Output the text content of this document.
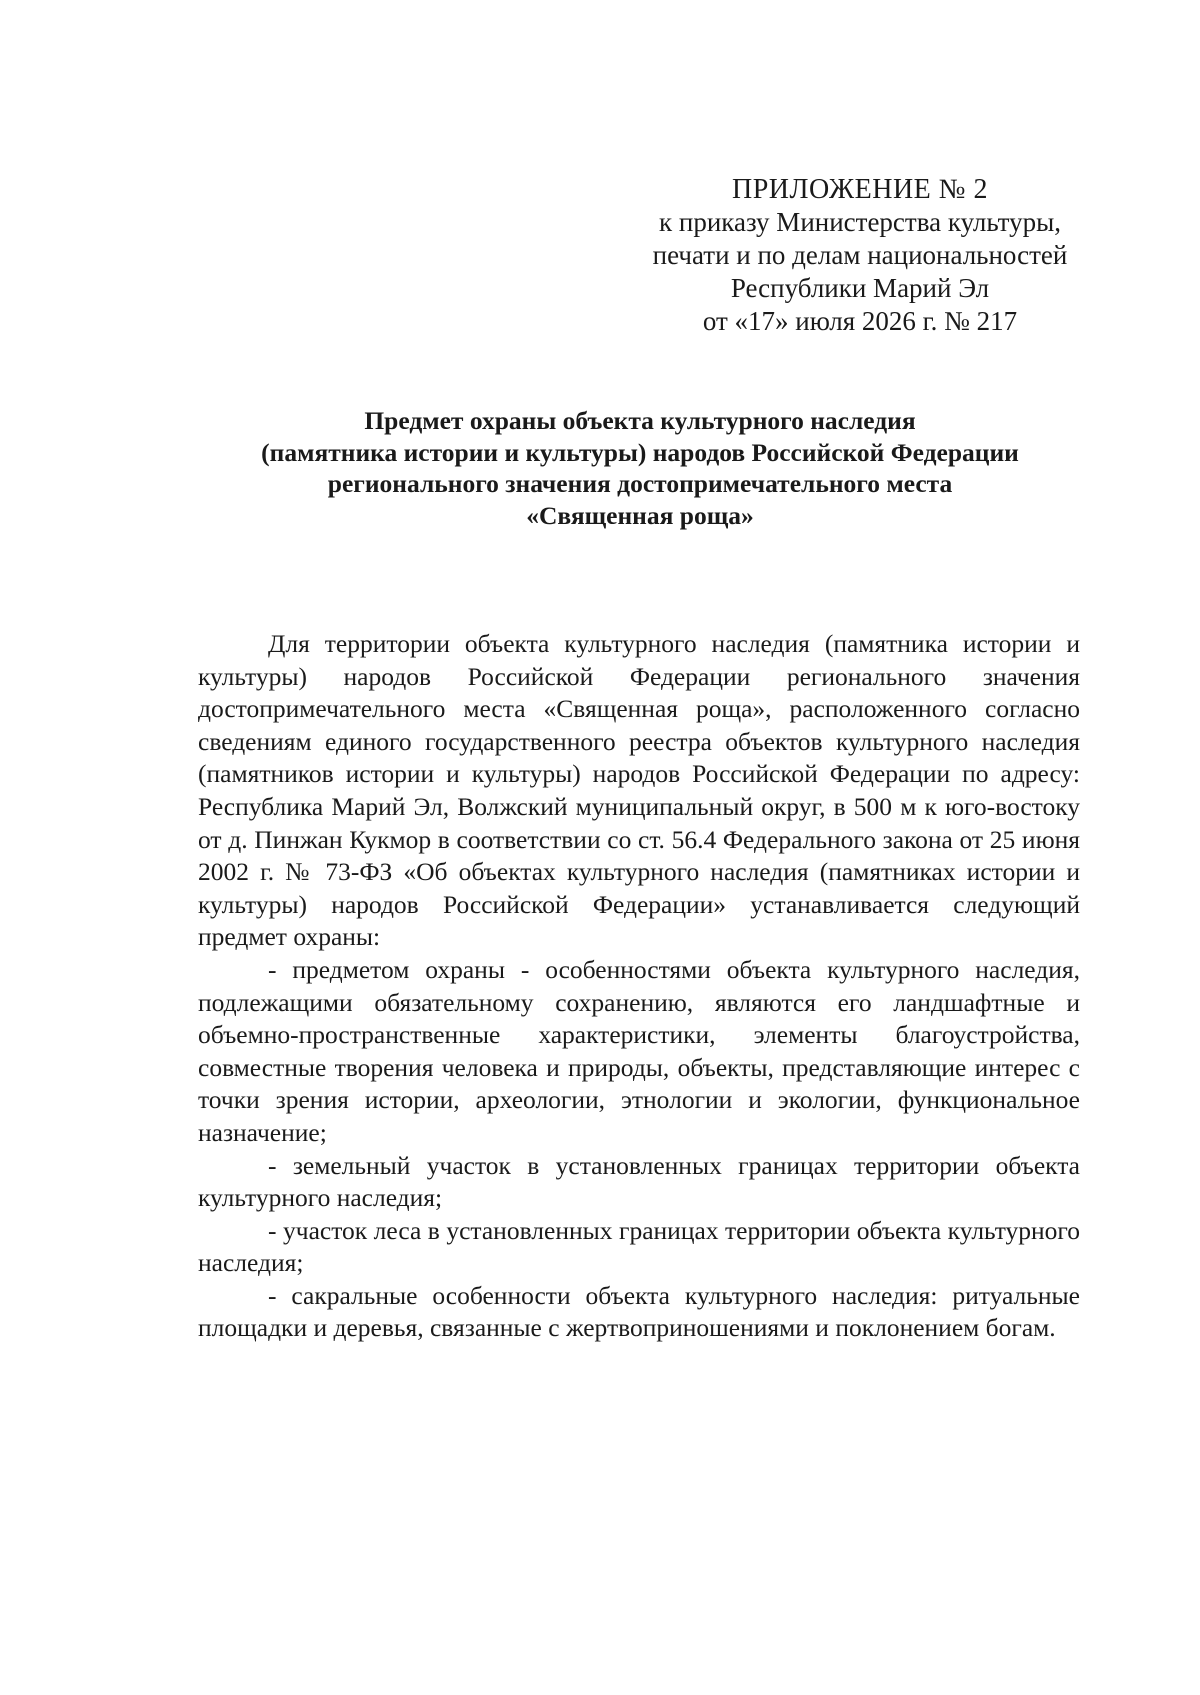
ПРИЛОЖЕНИЕ № 2
к приказу Министерства культуры,
печати и по делам национальностей
Республики Марий Эл
от «17» июля 2026 г. № 217
Предмет охраны объекта культурного наследия
(памятника истории и культуры) народов Российской Федерации
регионального значения достопримечательного места
«Священная роща»

Для территории объекта культурного наследия (памятника истории и культуры) народов Российской Федерации регионального значения достопримечательного места «Священная роща», расположенного согласно сведениям единого государственного реестра объектов культурного наследия (памятников истории и культуры) народов Российской Федерации по адресу: Республика Марий Эл, Волжский муниципальный округ, в 500 м к юго-востоку от д. Пинжан Кукмор в соответствии со ст. 56.4 Федерального закона от 25 июня 2002 г. № 73-ФЗ «Об объектах культурного наследия (памятниках истории и культуры) народов Российской Федерации» устанавливается следующий предмет охраны:

- предметом охраны - особенностями объекта культурного наследия, подлежащими обязательному сохранению, являются его ландшафтные и объемно-пространственные характеристики, элементы благоустройства, совместные творения человека и природы, объекты, представляющие интерес с точки зрения истории, археологии, этнологии и экологии, функциональное назначение;

- земельный участок в установленных границах территории объекта культурного наследия;

- участок леса в установленных границах территории объекта культурного наследия;

- сакральные особенности объекта культурного наследия: ритуальные площадки и деревья, связанные с жертвоприношениями и поклонением богам.
